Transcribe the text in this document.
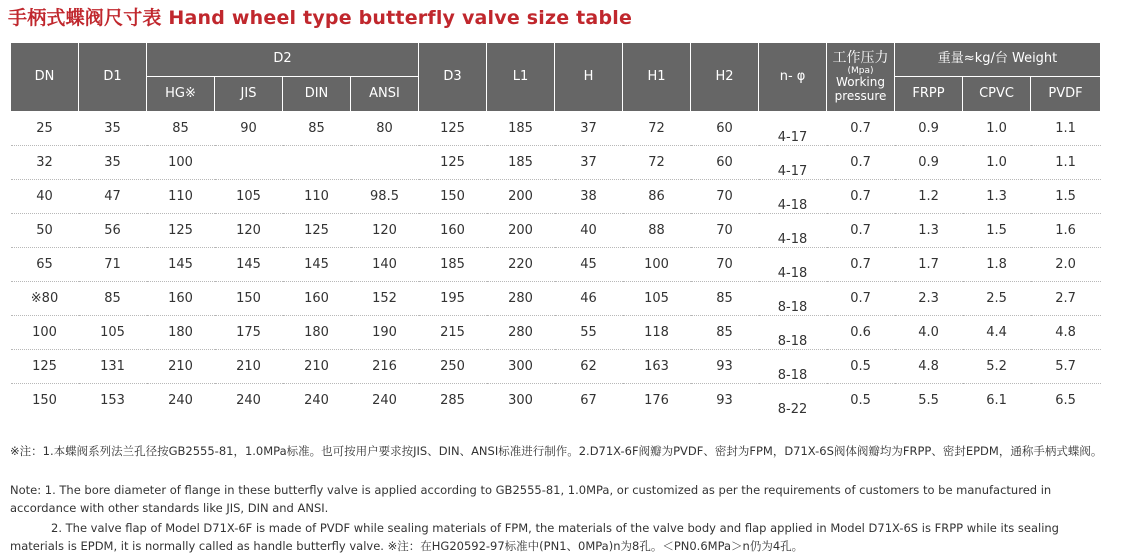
手柄式蝶阀尺寸表 Hand wheel type butterfly valve size table
DN	D1	D2				D3	L1	H	H1	H2	n- φ	工作压力
(Mpa)
Working
pressure	重量≈kg/台 Weight		
		HG※	JIS	DIN	ANSI								FRPP	CPVC	PVDF
25	35	85	90	85	80	125	185	37	72	60	4-17	0.7	0.9	1.0	1.1
32	35	100				125	185	37	72	60	4-17	0.7	0.9	1.0	1.1
40	47	110	105	110	98.5	150	200	38	86	70	4-18	0.7	1.2	1.3	1.5
50	56	125	120	125	120	160	200	40	88	70	4-18	0.7	1.3	1.5	1.6
65	71	145	145	145	140	185	220	45	100	70	4-18	0.7	1.7	1.8	2.0
※80	85	160	150	160	152	195	280	46	105	85	8-18	0.7	2.3	2.5	2.7
100	105	180	175	180	190	215	280	55	118	85	8-18	0.6	4.0	4.4	4.8
125	131	210	210	210	216	250	300	62	163	93	8-18	0.5	4.8	5.2	5.7
150	153	240	240	240	240	285	300	67	176	93	8-22	0.5	5.5	6.1	6.5

※注：1.本蝶阀系列法兰孔径按GB2555-81，1.0MPa标准。也可按用户要求按JIS、DIN、ANSI标准进行制作。2.D71X-6F阀瓣为PVDF、密封为FPM，D71X-6S阀体阀瓣均为FRPP、密封EPDM，通称手柄式蝶阀。

Note: 1. The bore diameter of flange in these butterfly valve is applied according to GB2555-81, 1.0MPa, or customized as per the requirements of customers to be manufactured in accordance with other standards like JIS, DIN and ANSI.

2. The valve flap of Model D71X-6F is made of PVDF while sealing materials of FPM, the materials of the valve body and flap applied in Model D71X-6S is FRPP while its sealing materials is EPDM, it is normally called as handle butterfly valve. ※注：在HG20592-97标准中(PN1、0MPa)n为8孔。＜PN0.6MPa＞n仍为4孔。
